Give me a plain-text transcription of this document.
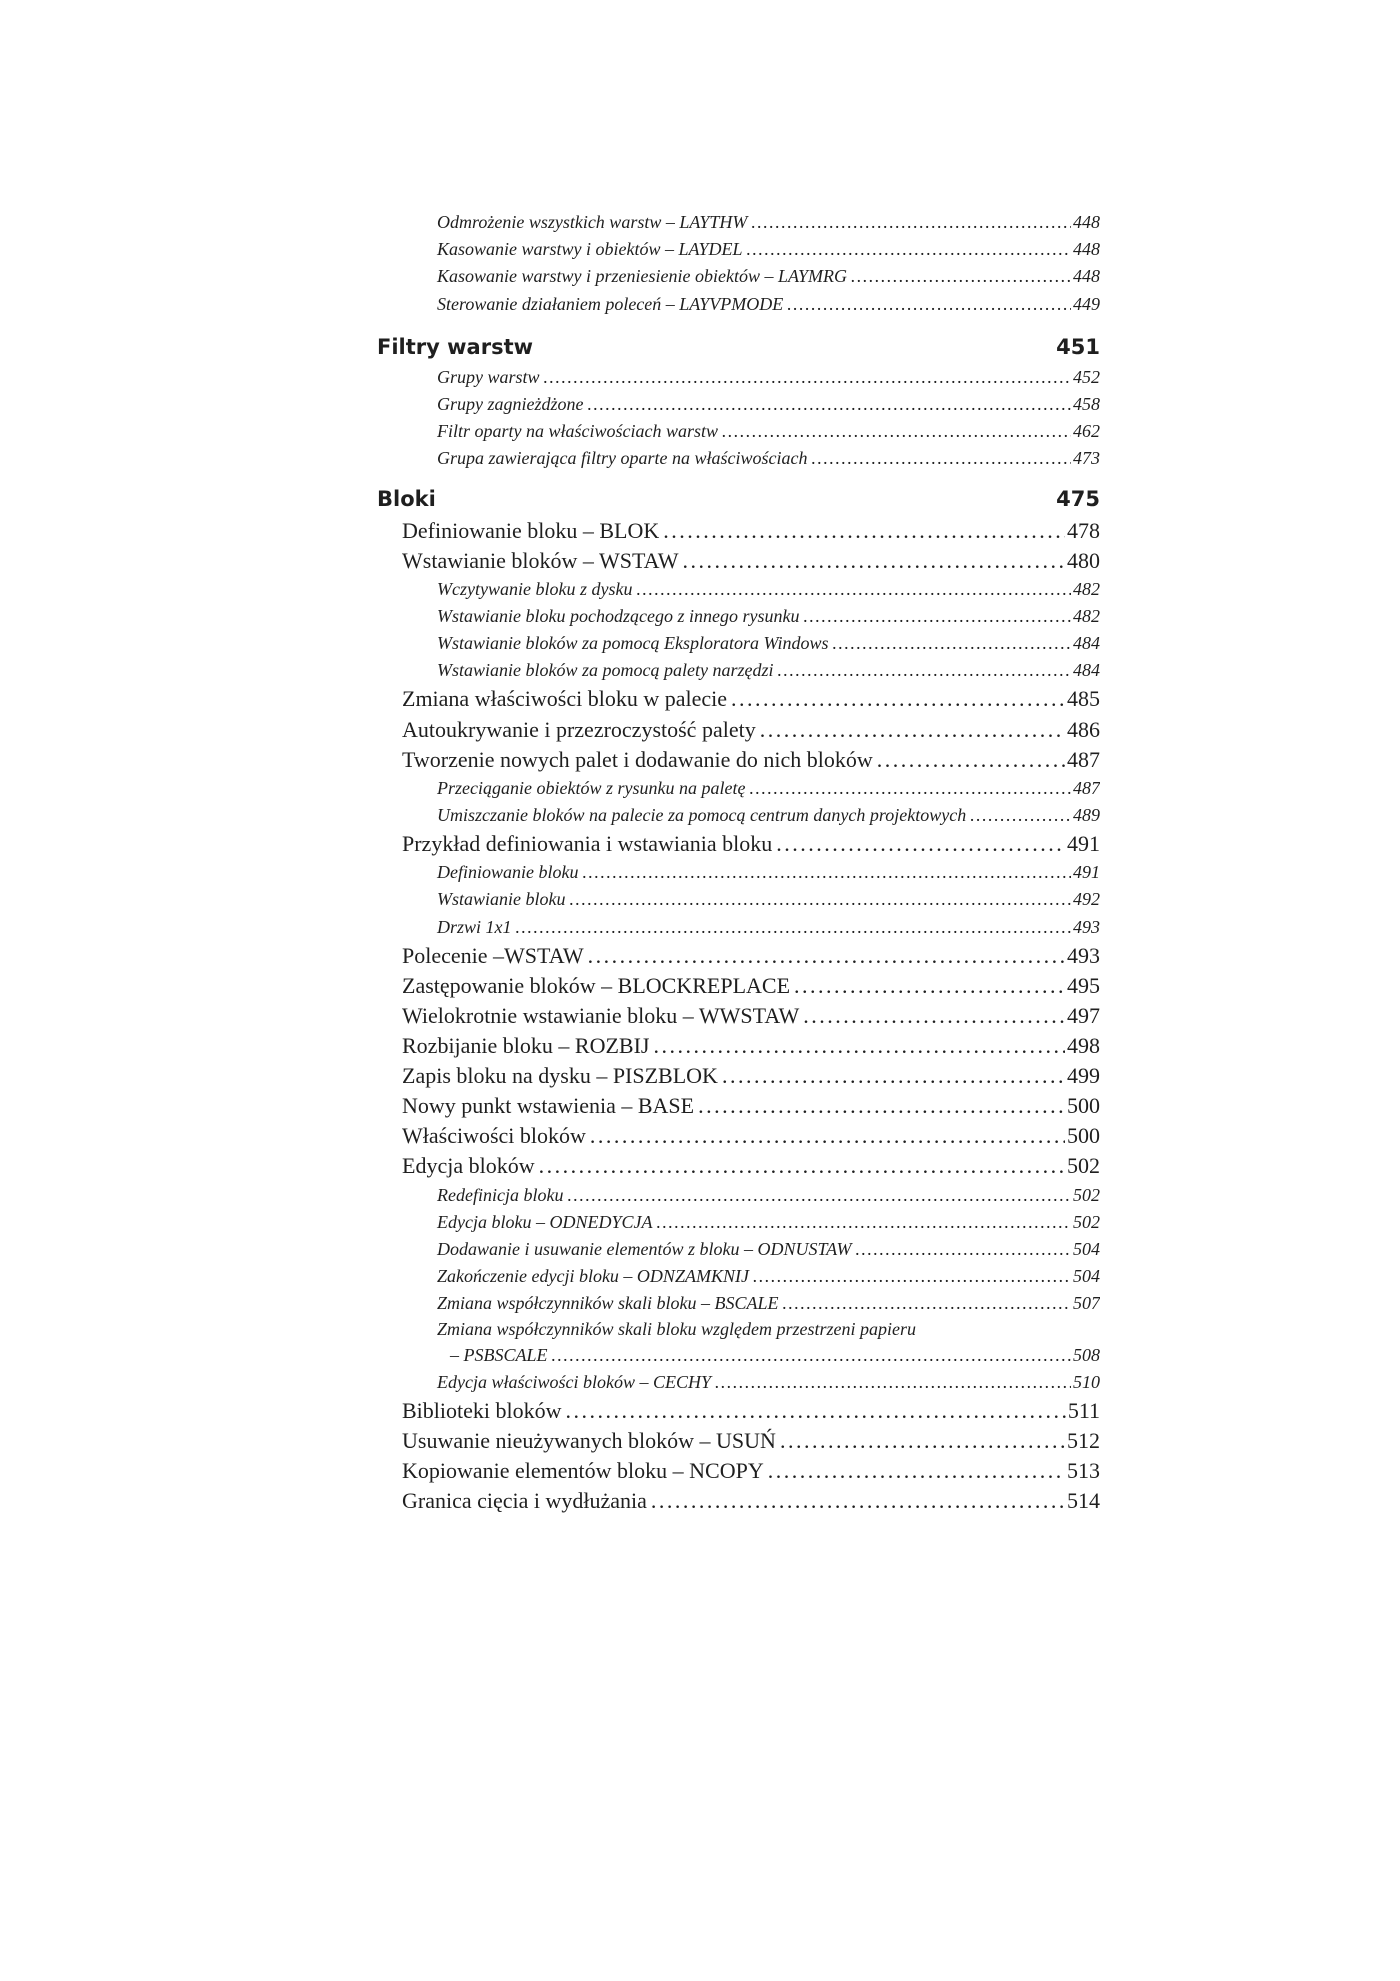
Odmrożenie wszystkich warstw – LAYTHW . . .	448
Kasowanie warstwy i obiektów – LAYDEL . . .	448
Kasowanie warstwy i przeniesienie obiektów – LAYMRG . . .	448
Sterowanie działaniem poleceń – LAYVPMODE . . .	449
Filtry warstw	451
Grupy warstw . . .	452
Grupy zagnieżdżone . . .	458
Filtr oparty na właściwościach warstw . . .	462
Grupa zawierająca filtry oparte na właściwościach . . .	473
Bloki	475
Definiowanie bloku – BLOK . . .	478
Wstawianie bloków – WSTAW . . .	480
Wczytywanie bloku z dysku . . .	482
Wstawianie bloku pochodzącego z innego rysunku . . .	482
Wstawianie bloków za pomocą Eksploratora Windows . . .	484
Wstawianie bloków za pomocą palety narzędzi . . .	484
Zmiana właściwości bloku w palecie . . .	485
Autoukrywanie i przezroczystość palety . . .	486
Tworzenie nowych palet i dodawanie do nich bloków . . .	487
Przeciąganie obiektów z rysunku na paletę . . .	487
Umiszczanie bloków na palecie za pomocą centrum danych projektowych . . .	489
Przykład definiowania i wstawiania bloku . . .	491
Definiowanie bloku . . .	491
Wstawianie bloku . . .	492
Drzwi 1x1 . . .	493
Polecenie –WSTAW . . .	493
Zastępowanie bloków – BLOCKREPLACE . . .	495
Wielokrotnie wstawianie bloku – WWSTAW . . .	497
Rozbijanie bloku – ROZBIJ . . .	498
Zapis bloku na dysku – PISZBLOK . . .	499
Nowy punkt wstawienia – BASE . . .	500
Właściwości bloków . . .	500
Edycja bloków . . .	502
Redefinicja bloku . . .	502
Edycja bloku – ODNEDYCJA . . .	502
Dodawanie i usuwanie elementów z bloku – ODNUSTAW . . .	504
Zakończenie edycji bloku – ODNZAMKNIJ . . .	504
Zmiana współczynników skali bloku – BSCALE . . .	507
Zmiana współczynników skali bloku względem przestrzeni papieru
– PSBSCALE . . .	508
Edycja właściwości bloków – CECHY . . .	510
Biblioteki bloków . . .	511
Usuwanie nieużywanych bloków – USUŃ . . .	512
Kopiowanie elementów bloku – NCOPY . . .	513
Granica cięcia i wydłużania . . .	514
